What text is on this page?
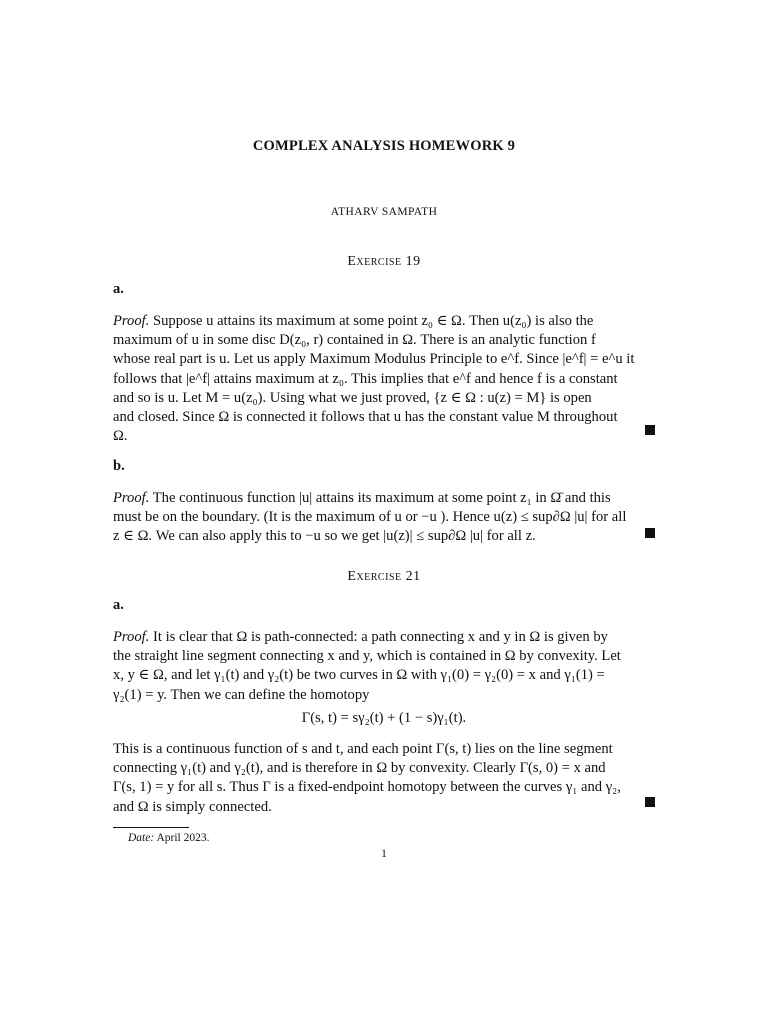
COMPLEX ANALYSIS HOMEWORK 9
ATHARV SAMPATH
Exercise 19
a.
Proof. Suppose u attains its maximum at some point z₀ ∈ Ω. Then u(z₀) is also the
maximum of u in some disc D(z₀, r) contained in Ω. There is an analytic function f
whose real part is u. Let us apply Maximum Modulus Principle to e^f. Since |e^f| = e^u it
follows that |e^f| attains maximum at z₀. This implies that e^f and hence f is a constant
and so is u. Let M = u(z₀). Using what we just proved, {z ∈ Ω : u(z) = M} is open
and closed. Since Ω is connected it follows that u has the constant value M throughout
Ω.
b.
Proof. The continuous function |u| attains its maximum at some point z₁ in Ω̄ and this
must be on the boundary. (It is the maximum of u or −u ). Hence u(z) ≤ sup∂Ω |u| for all
z ∈ Ω. We can also apply this to −u so we get |u(z)| ≤ sup∂Ω |u| for all z.
Exercise 21
a.
Proof. It is clear that Ω is path-connected: a path connecting x and y in Ω is given by
the straight line segment connecting x and y, which is contained in Ω by convexity. Let
x, y ∈ Ω, and let γ₁(t) and γ₂(t) be two curves in Ω with γ₁(0) = γ₂(0) = x and γ₁(1) =
γ₂(1) = y. Then we can define the homotopy
Γ(s, t) = sγ₂(t) + (1 − s)γ₁(t).
This is a continuous function of s and t, and each point Γ(s, t) lies on the line segment
connecting γ₁(t) and γ₂(t), and is therefore in Ω by convexity. Clearly Γ(s, 0) = x and
Γ(s, 1) = y for all s. Thus Γ is a fixed-endpoint homotopy between the curves γ₁ and γ₂,
and Ω is simply connected.
Date: April 2023.
1
